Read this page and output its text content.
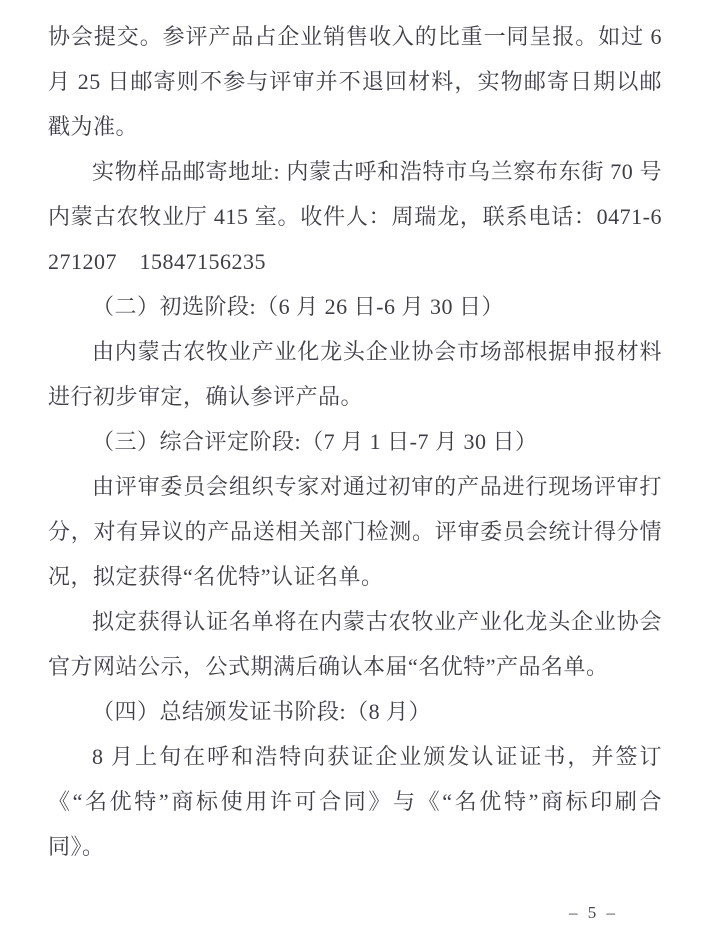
协会提交。参评产品占企业销售收入的比重一同呈报。如过 6 月 25 日邮寄则不参与评审并不退回材料，实物邮寄日期以邮戳为准。

实物样品邮寄地址: 内蒙古呼和浩特市乌兰察布东街 70 号内蒙古农牧业厅 415 室。收件人：周瑞龙，联系电话：0471-6271207　15847156235

（二）初选阶段:（6 月 26 日-6 月 30 日）

由内蒙古农牧业产业化龙头企业协会市场部根据申报材料进行初步审定，确认参评产品。

（三）综合评定阶段:（7 月 1 日-7 月 30 日）

由评审委员会组织专家对通过初审的产品进行现场评审打分，对有异议的产品送相关部门检测。评审委员会统计得分情况，拟定获得“名优特”认证名单。

拟定获得认证名单将在内蒙古农牧业产业化龙头企业协会官方网站公示，公式期满后确认本届“名优特”产品名单。

（四）总结颁发证书阶段:（8 月）

8 月上旬在呼和浩特向获证企业颁发认证证书，并签订《“名优特”商标使用许可合同》与《“名优特”商标印刷合同》。

– 5 –
